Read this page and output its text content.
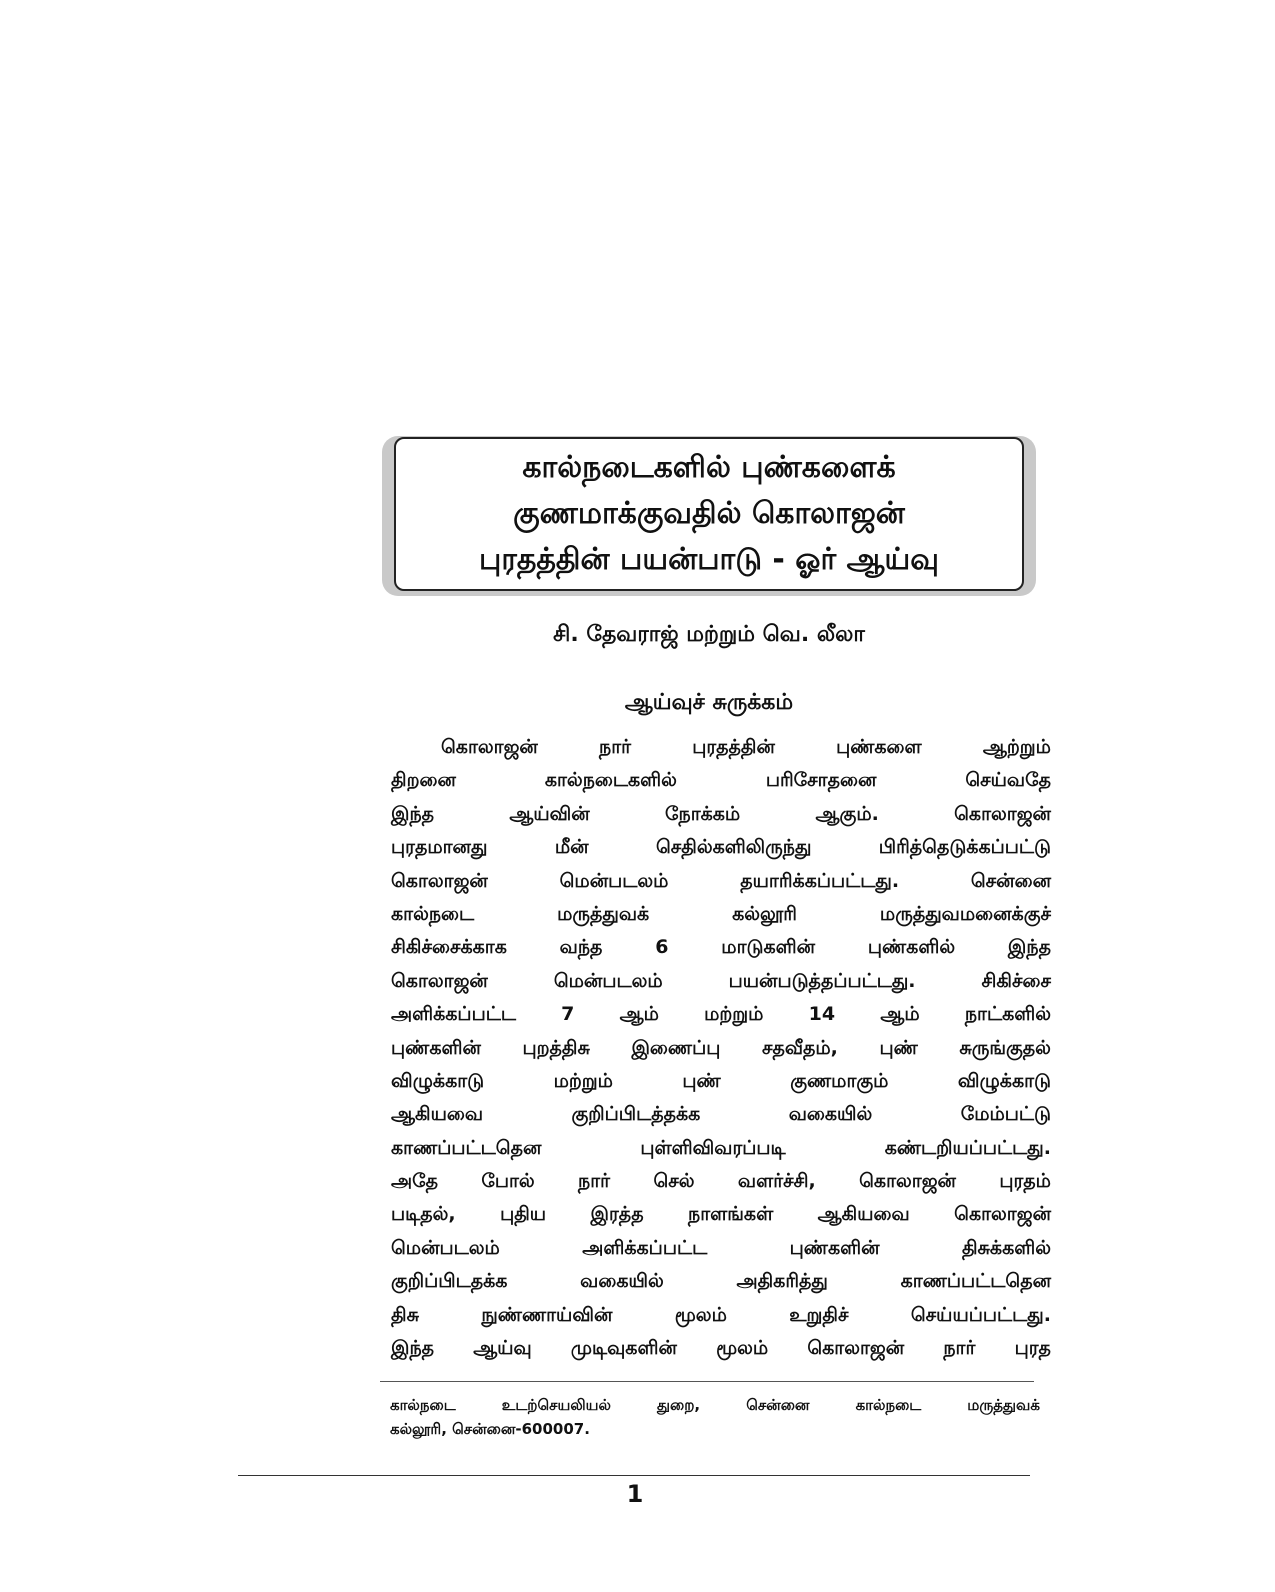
கால்நடைகளில் புண்களைக்
குணமாக்குவதில் கொலாஜன்
புரதத்தின் பயன்பாடு - ஓர் ஆய்வு
சி. தேவராஜ் மற்றும் வெ. லீலா
ஆய்வுச் சுருக்கம்
கொலாஜன்	நார்	புரதத்தின்	புண்களை	ஆற்றும்
திறனை	கால்நடைகளில்	பரிசோதனை	செய்வதே
இந்த	ஆய்வின்	நோக்கம்	ஆகும்.	கொலாஜன்
புரதமானது	மீன்	செதில்களிலிருந்து	பிரித்தெடுக்கப்பட்டு
கொலாஜன்	மென்படலம்	தயாரிக்கப்பட்டது.	சென்னை
கால்நடை	மருத்துவக்	கல்லூரி	மருத்துவமனைக்குச்
சிகிச்சைக்காக	வந்த	6	மாடுகளின்	புண்களில்	இந்த
கொலாஜன்	மென்படலம்	பயன்படுத்தப்பட்டது.	சிகிச்சை
அளிக்கப்பட்ட 7 ஆம் மற்றும் 14 ஆம் நாட்களில்
புண்களின் புறத்திசு இணைப்பு சதவீதம், புண் சுருங்குதல்
விழுக்காடு	மற்றும்	புண்	குணமாகும்	விழுக்காடு
ஆகியவை	குறிப்பிடத்தக்க	வகையில்	மேம்பட்டு
காணப்பட்டதென	புள்ளிவிவரப்படி	கண்டறியப்பட்டது.
அதே போல் நார் செல் வளர்ச்சி, கொலாஜன் புரதம்
படிதல், புதிய இரத்த நாளங்கள் ஆகியவை கொலாஜன்
மென்படலம்	அளிக்கப்பட்ட	புண்களின்	திசுக்களில்
குறிப்பிடதக்க	வகையில்	அதிகரித்து	காணப்பட்டதென
திசு	நுண்ணாய்வின்	மூலம்	உறுதிச்	செய்யப்பட்டது.
இந்த ஆய்வு முடிவுகளின் மூலம் கொலாஜன் நார் புரத
கால்நடை	உடற்செயலியல்	துறை,	சென்னை	கால்நடை	மருத்துவக்
கல்லூரி, சென்னை-600007.
1
